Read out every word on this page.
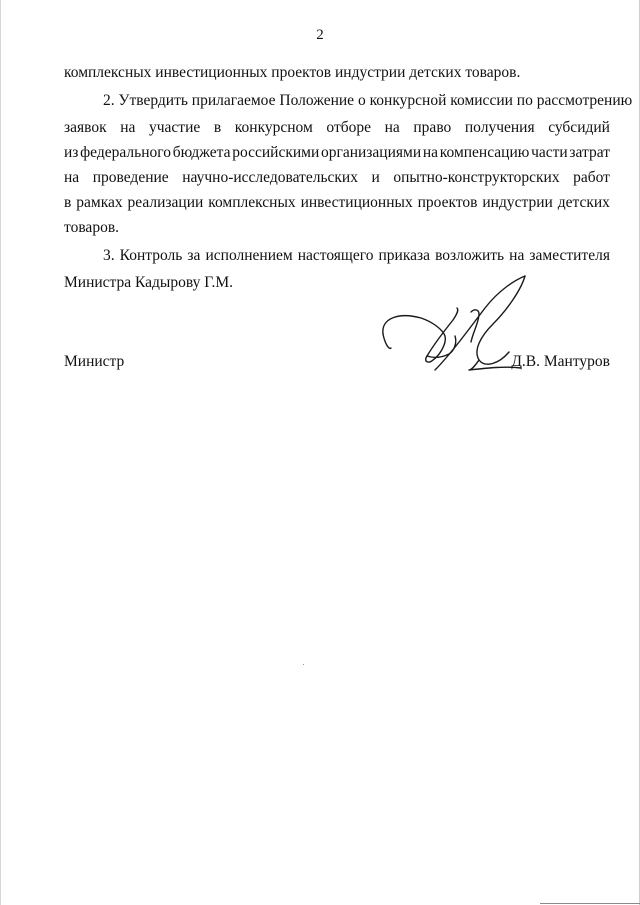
2
комплексных инвестиционных проектов индустрии детских товаров.
2. Утвердить прилагаемое Положение о конкурсной комиссии по рассмотрению
заявок на участие в конкурсном отборе на право получения субсидий
из федерального бюджета российскими организациями на компенсацию части затрат
на проведение научно-исследовательских и опытно-конструкторских работ
в рамках реализации комплексных инвестиционных проектов индустрии детских
товаров.
3. Контроль за исполнением настоящего приказа возложить на заместителя
Министра Кадырову Г.М.
Министр	Д.В. Мантуров
